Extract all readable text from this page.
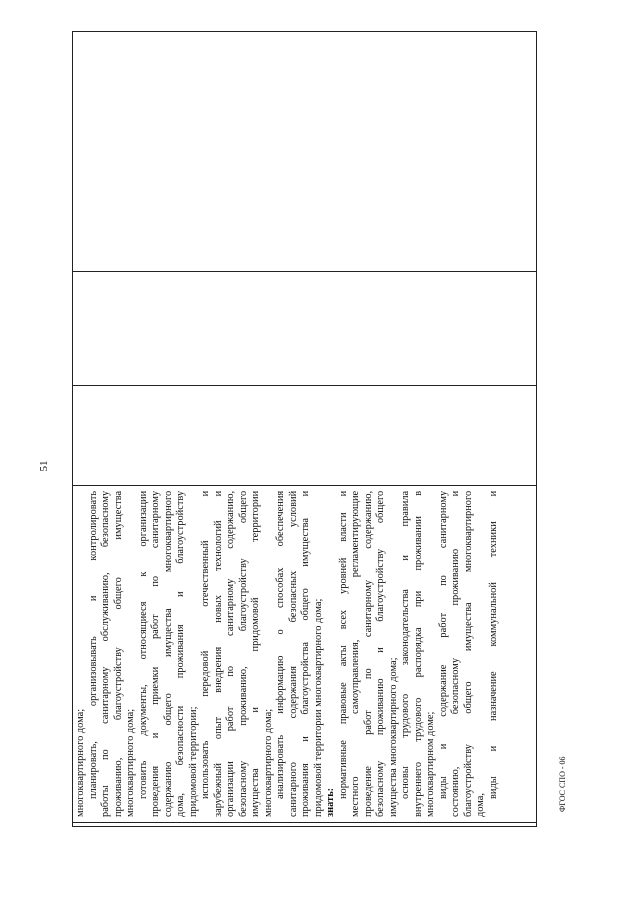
51
многоквартирного дома; планировать, организовывать и контролировать работы по санитарному обслуживанию, безопасному проживанию, благоустройству общего имущества многоквартирного дома; готовить документы, относящиеся к организации проведения и приемки работ по санитарному содержанию общего имущества многоквартирного дома, безопасности проживания и благоустройству придомовой территории; использовать передовой отечественный и зарубежный опыт внедрения новых технологий и организации работ по санитарному содержанию, безопасному проживанию, благоустройству общего имущества и придомовой территории многоквартирного дома; анализировать информацию о способах обеспечения санитарного содержания безопасных условий проживания и благоустройства общего имущества и придомовой территории многоквартирного дома; знать:
нормативные правовые акты всех уровней власти и местного самоуправления, регламентирующие проведение работ по санитарному содержанию, безопасному проживанию и благоустройству общего имущества многоквартирного дома; основы трудового законодательства и правила внутреннего трудового распорядка при проживании в многоквартирном доме; виды и содержание работ по санитарному состоянию, безопасному проживанию и благоустройству общего имущества многоквартирного дома,
виды и назначение коммунальной техники и	ФГОС СПО - 06
